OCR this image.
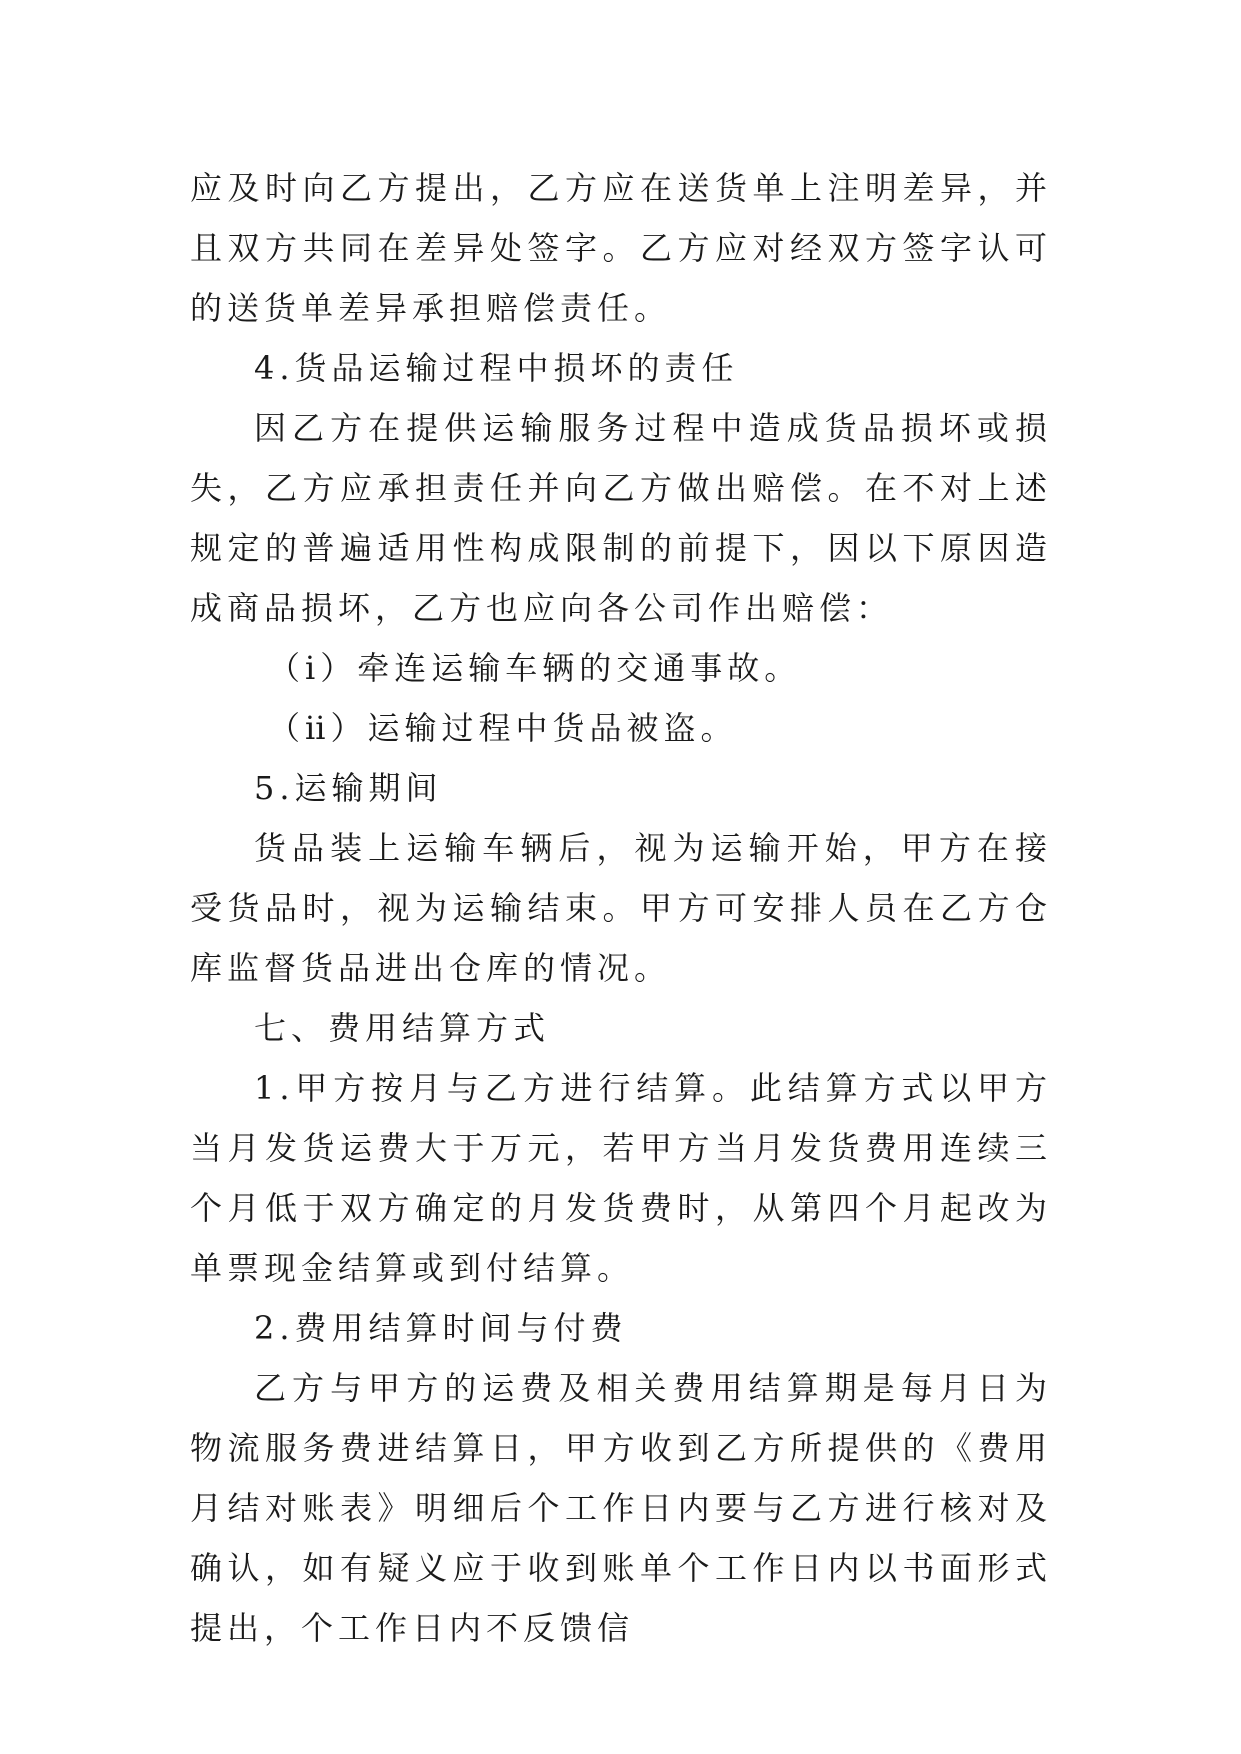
应及时向乙方提出，乙方应在送货单上注明差异，并且双方共同在差异处签字。乙方应对经双方签字认可的送货单差异承担赔偿责任。

4.货品运输过程中损坏的责任

因乙方在提供运输服务过程中造成货品损坏或损失，乙方应承担责任并向乙方做出赔偿。在不对上述规定的普遍适用性构成限制的前提下，因以下原因造成商品损坏，乙方也应向各公司作出赔偿：

（ⅰ）牵连运输车辆的交通事故。

（ⅱ）运输过程中货品被盗。

5.运输期间

货品装上运输车辆后，视为运输开始，甲方在接受货品时，视为运输结束。甲方可安排人员在乙方仓库监督货品进出仓库的情况。

七、费用结算方式

1.甲方按月与乙方进行结算。此结算方式以甲方当月发货运费大于万元，若甲方当月发货费用连续三个月低于双方确定的月发货费时，从第四个月起改为单票现金结算或到付结算。

2.费用结算时间与付费

乙方与甲方的运费及相关费用结算期是每月日为物流服务费进结算日，甲方收到乙方所提供的《费用月结对账表》明细后个工作日内要与乙方进行核对及确认，如有疑义应于收到账单个工作日内以书面形式提出，个工作日内不反馈信
